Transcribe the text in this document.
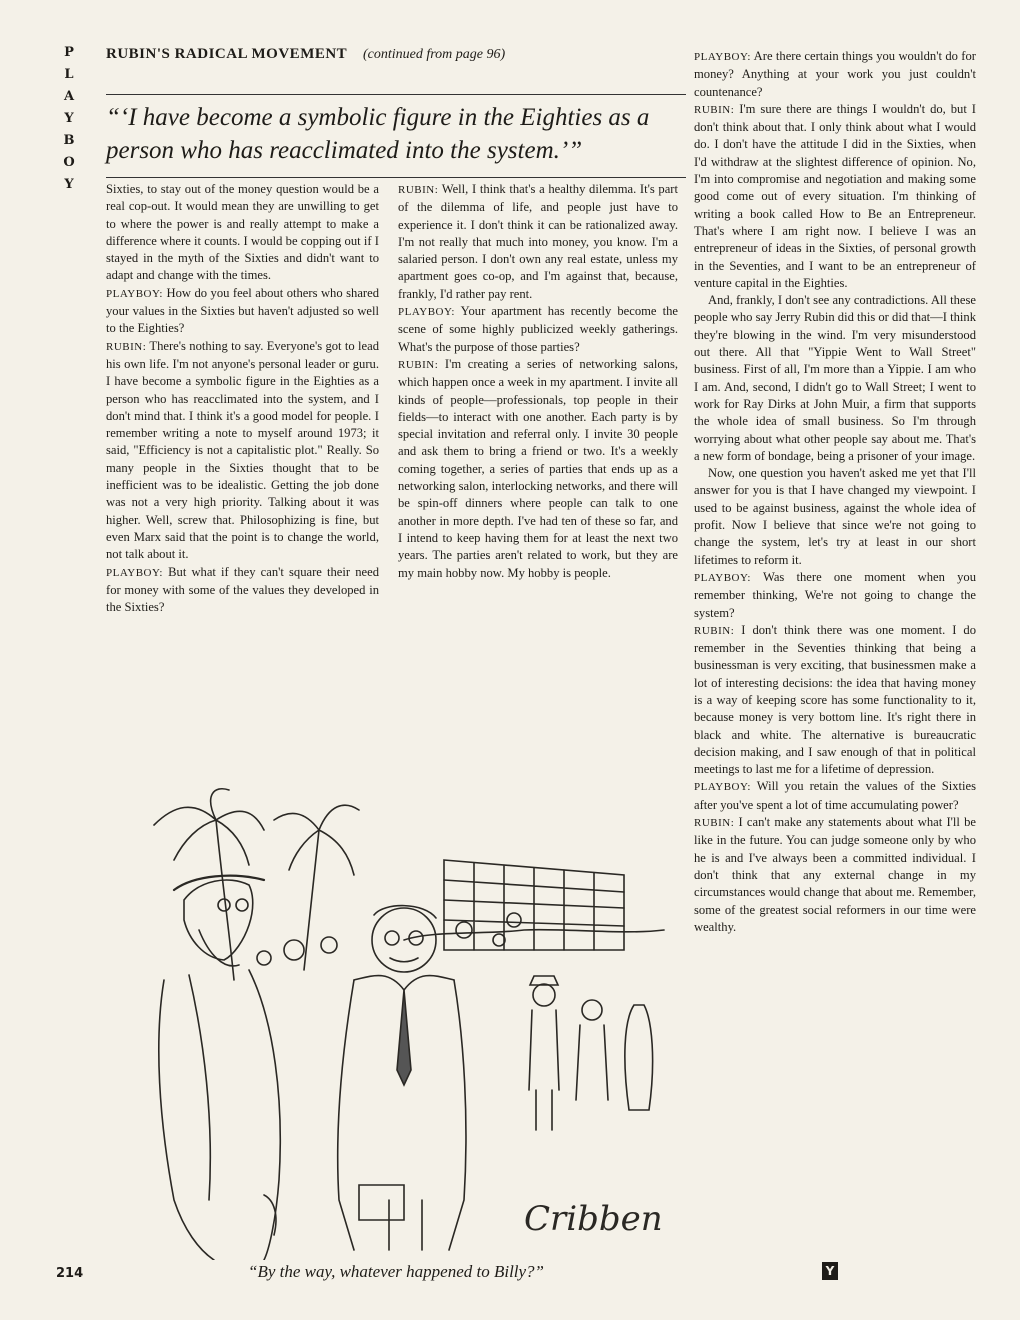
P
L
A
Y
B
O
Y
RUBIN'S RADICAL MOVEMENT (continued from page 96)
“‘I have become a symbolic figure in the Eighties as a person who has reacclimated into the system.’”

Sixties, to stay out of the money question would be a real cop-out. It would mean they are unwilling to get to where the power is and really attempt to make a difference where it counts. I would be copping out if I stayed in the myth of the Sixties and didn't want to adapt and change with the times.

PLAYBOY: How do you feel about others who shared your values in the Sixties but haven't adjusted so well to the Eighties?

RUBIN: There's nothing to say. Everyone's got to lead his own life. I'm not anyone's personal leader or guru. I have become a symbolic figure in the Eighties as a person who has reacclimated into the system, and I don't mind that. I think it's a good model for people. I remember writing a note to myself around 1973; it said, "Efficiency is not a capitalistic plot." Really. So many people in the Sixties thought that to be inefficient was to be idealistic. Getting the job done was not a very high priority. Talking about it was higher. Well, screw that. Philosophizing is fine, but even Marx said that the point is to change the world, not talk about it.

PLAYBOY: But what if they can't square their need for money with some of the values they developed in the Sixties?

RUBIN: Well, I think that's a healthy dilemma. It's part of the dilemma of life, and people just have to experience it. I don't think it can be rationalized away. I'm not really that much into money, you know. I'm a salaried person. I don't own any real estate, unless my apartment goes co-op, and I'm against that, because, frankly, I'd rather pay rent.

PLAYBOY: Your apartment has recently become the scene of some highly publicized weekly gatherings. What's the purpose of those parties?

RUBIN: I'm creating a series of networking salons, which happen once a week in my apartment. I invite all kinds of people—professionals, top people in their fields—to interact with one another. Each party is by special invitation and referral only. I invite 30 people and ask them to bring a friend or two. It's a weekly coming together, a series of parties that ends up as a networking salon, interlocking networks, and there will be spin-off dinners where people can talk to one another in more depth. I've had ten of these so far, and I intend to keep having them for at least the next two years. The parties aren't related to work, but they are my main hobby now. My hobby is people.

PLAYBOY: Are there certain things you wouldn't do for money? Anything at your work you just couldn't countenance?

RUBIN: I'm sure there are things I wouldn't do, but I don't think about that. I only think about what I would do. I don't have the attitude I did in the Sixties, when I'd withdraw at the slightest difference of opinion. No, I'm into compromise and negotiation and making some good come out of every situation. I'm thinking of writing a book called How to Be an Entrepreneur. That's where I am right now. I believe I was an entrepreneur of ideas in the Sixties, of personal growth in the Seventies, and I want to be an entrepreneur of venture capital in the Eighties.

And, frankly, I don't see any contradictions. All these people who say Jerry Rubin did this or did that—I think they're blowing in the wind. I'm very misunderstood out there. All that "Yippie Went to Wall Street" business. First of all, I'm more than a Yippie. I am who I am. And, second, I didn't go to Wall Street; I went to work for Ray Dirks at John Muir, a firm that supports the whole idea of small business. So I'm through worrying about what other people say about me. That's a new form of bondage, being a prisoner of your image.

Now, one question you haven't asked me yet that I'll answer for you is that I have changed my viewpoint. I used to be against business, against the whole idea of profit. Now I believe that since we're not going to change the system, let's try at least in our short lifetimes to reform it.

PLAYBOY: Was there one moment when you remember thinking, We're not going to change the system?

RUBIN: I don't think there was one moment. I do remember in the Seventies thinking that being a businessman is very exciting, that businessmen make a lot of interesting decisions: the idea that having money is a way of keeping score has some functionality to it, because money is very bottom line. It's right there in black and white. The alternative is bureaucratic decision making, and I saw enough of that in political meetings to last me for a lifetime of depression.

PLAYBOY: Will you retain the values of the Sixties after you've spent a lot of time accumulating power?

RUBIN: I can't make any statements about what I'll be like in the future. You can judge someone only by who he is and I've always been a committed individual. I don't think that any external change in my circumstances would change that about me. Remember, some of the greatest social reformers in our time were wealthy.

Cribben
“By the way, whatever happened to Billy?”
214	Y
